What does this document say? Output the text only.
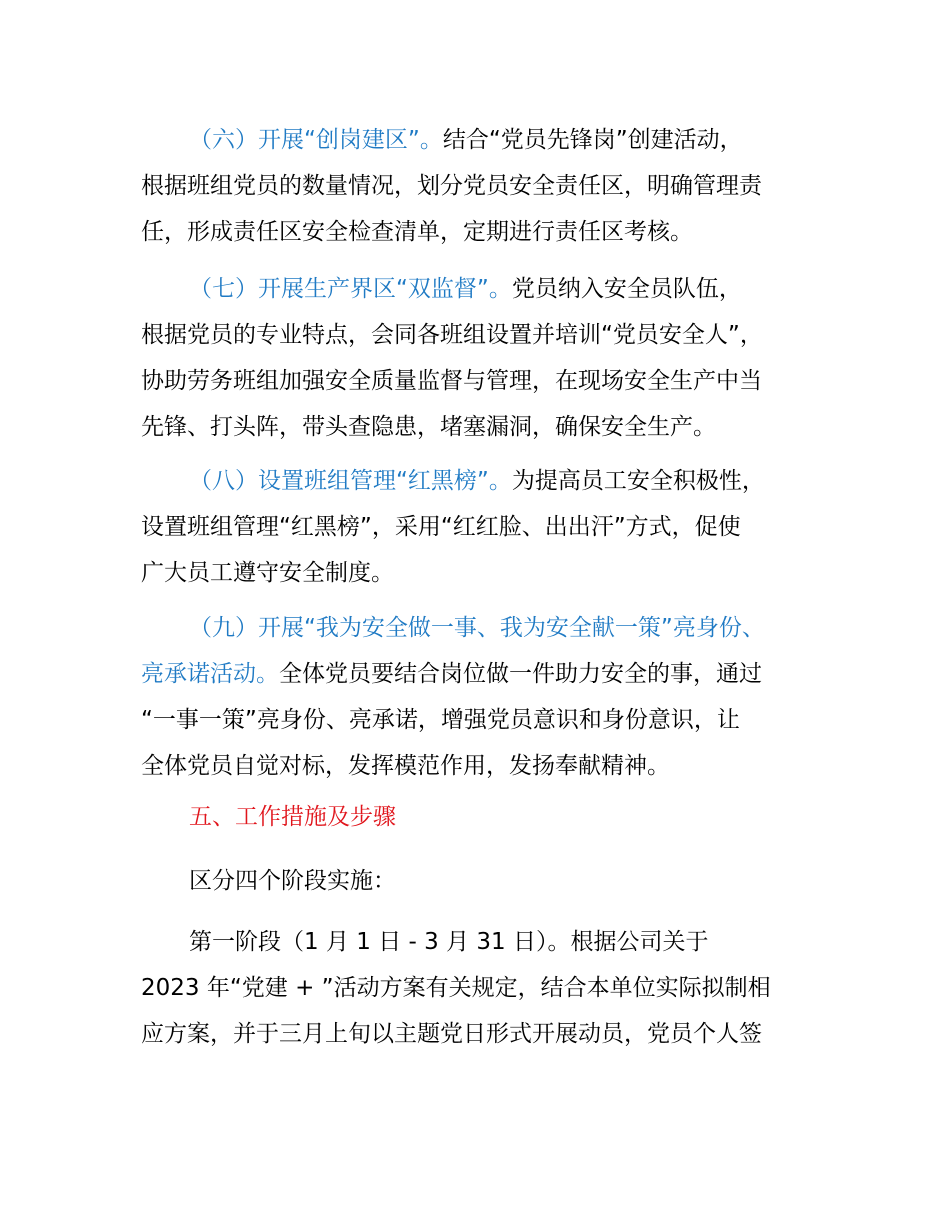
（六）开展“创岗建区”。结合“党员先锋岗”创建活动，
根据班组党员的数量情况，划分党员安全责任区，明确管理责
任，形成责任区安全检查清单，定期进行责任区考核。
（七）开展生产界区“双监督”。党员纳入安全员队伍，
根据党员的专业特点，会同各班组设置并培训“党员安全人”，
协助劳务班组加强安全质量监督与管理，在现场安全生产中当
先锋、打头阵，带头查隐患，堵塞漏洞，确保安全生产。
（八）设置班组管理“红黑榜”。为提高员工安全积极性，
设置班组管理“红黑榜”，采用“红红脸、出出汗”方式，促使
广大员工遵守安全制度。
（九）开展“我为安全做一事、我为安全献一策”亮身份、
亮承诺活动。全体党员要结合岗位做一件助力安全的事，通过
“一事一策”亮身份、亮承诺，增强党员意识和身份意识，让
全体党员自觉对标，发挥模范作用，发扬奉献精神。
五、工作措施及步骤
区分四个阶段实施：
第一阶段（1 月 1 日 - 3 月 31 日）。根据公司关于
2023 年“党建 + ”活动方案有关规定，结合本单位实际拟制相
应方案，并于三月上旬以主题党日形式开展动员，党员个人签
